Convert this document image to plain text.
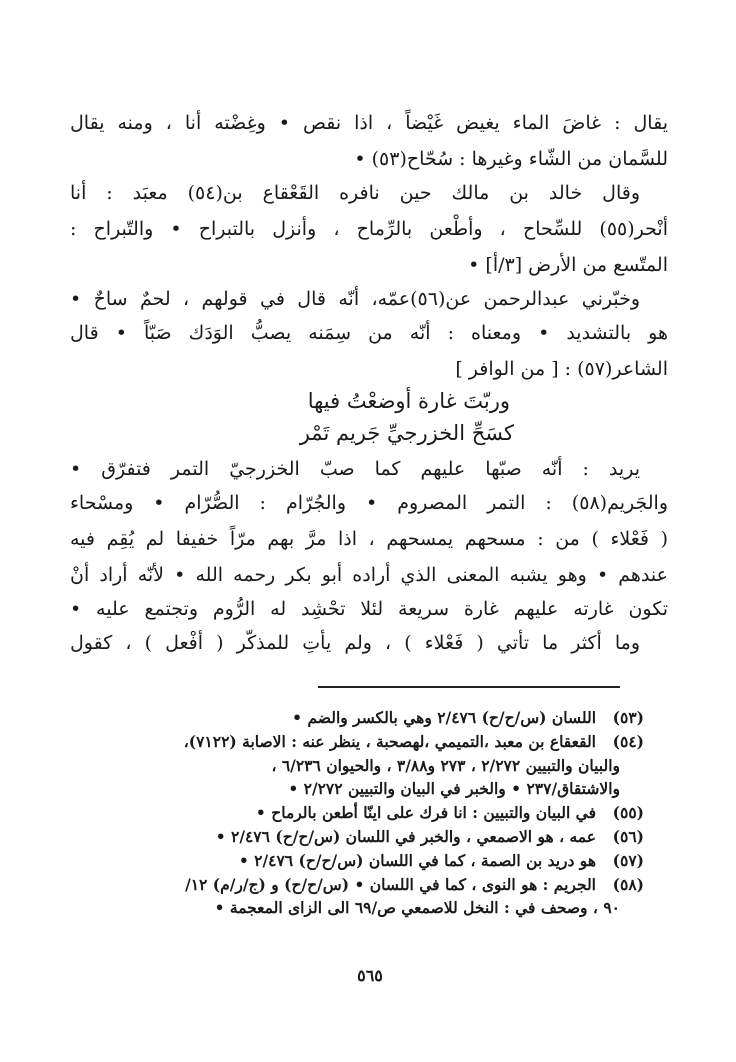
يقال : غاضَ الماء يغيض غَيْضاً ، اذا نقص • وغِضْته أنا ، ومنه يقال
للسَّمان من الشّاء وغيرها : سُحّاح(٥٣) •
وقال خالد بن مالك حين نافره القَعْقاع بن(٥٤) معبَد : أنا
أنْحر(٥٥) للسِّحاح ، وأطْعن بالرِّماح ، وأنزل بالتبراح • والتّبراح :
المتّسع من الأرض [٣/أ] •
وخبّرني عبدالرحمن عن(٥٦)عمّه، أنّه قال في قولهم ، لحمٌ ساحٌ •
هو بالتشديد • ومعناه : أنّه من سِمَنه يصبُّ الوَدَك صَبّاً • قال
الشاعر(٥٧) : [ من الوافر ]
وربّتَ غارة أوضعْتُ فيها
كسَحِّ الخزرجيِّ جَريم تَمْر
يريد : أنّه صبّها عليهم كما صبّ الخزرجيّ التمر فتفرّق •
والجَريم(٥٨) : التمر المصروم • والجُرّام : الصُّرّام • ومسْحاء
( فَعْلاء ) من : مسحهم يمسحهم ، اذا مرَّ بهم مرّاً خفيفا لم يُقِم فيه
عندهم • وهو يشبه المعنى الذي أراده أبو بكر رحمه الله • لأنّه أراد أنْ
تكون غارته عليهم غارة سريعة لئلا تحْشِد له الرُّوم وتجتمع عليه •
وما أكثر ما تأتي ( فَعْلاء ) ، ولم يأتِ للمذكّر ( أفْعل ) ، كقول
(٥٣)
اللسان (س/ح/ح) ٢/٤٧٦ وهي بالكسر والضم •
(٥٤)
القعقاع بن معبد ،التميمي ،لهصحبة ، ينظر عنه : الاصابة (٧١٢٢)،
والبيان والتبيين ٢/٢٧٢ ، ٢٧٣ و٣/٨٨ ، والحيوان ٦/٢٣٦ ،
والاشتقاق/٢٣٧ • والخبر في البيان والتبيين ٢/٢٧٢ •
(٥٥)
في البيان والتبيين : انا فرك على اينّا أطعن بالرماح •
(٥٦)
عمه ، هو الاصمعي ، والخبر في اللسان (س/ح/ح) ٢/٤٧٦ •
(٥٧)
هو دريد بن الصمة ، كما في اللسان (س/ح/ح) ٢/٤٧٦ •
(٥٨)
الجريم : هو النوى ، كما في اللسان • (س/ح/ح) و (ج/ر/م) ١٢/
٩٠ ، وصحف في : النخل للاصمعي ص/٦٩ الى الزاى المعجمة •
٥٦٥
